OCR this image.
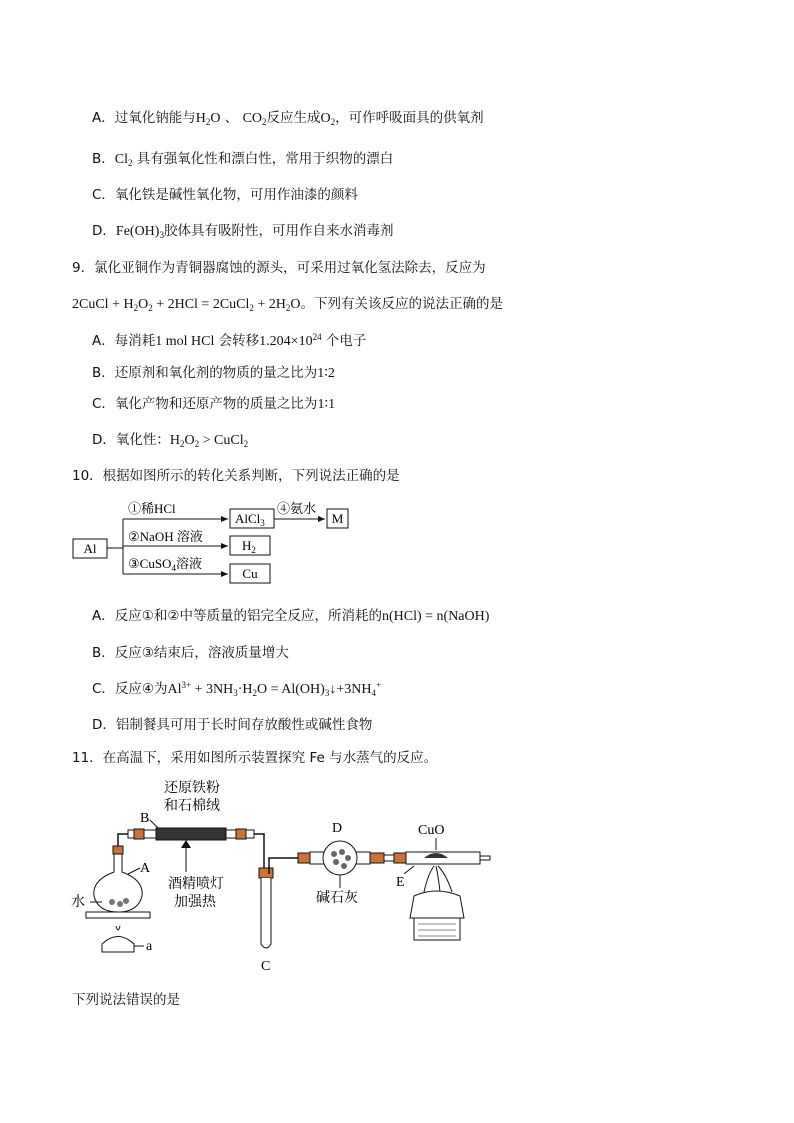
A．过氧化钠能与$H_2O$ 、 $CO_2$反应生成$O_2$，可作呼吸面具的供氧剂
B．$Cl_2$ 具有强氧化性和漂白性，常用于织物的漂白
C．氧化铁是碱性氧化物，可用作油漆的颜料
D．$Fe(OH)_3$胶体具有吸附性，可用作自来水消毒剂
9．氯化亚铜作为青铜器腐蚀的源头，可采用过氧化氢法除去，反应为
2CuCl + $H_2O_2 + 2HCl$ = 2CuCl$_2$ + $2H_2O$。下列有关该反应的说法正确的是
A．每消耗1 mol HCl 会转移$1.204\times 10^{24}$ 个电子
B．还原剂和氧化剂的物质的量之比为1∶2
C．氧化产物和还原产物的质量之比为1∶1
D．氧化性：$H_2O_2$ > CuCl$_2$
10．根据如图所示的转化关系判断，下列说法正确的是
Al
①稀HCl
AlCl$_3$
④氨水
M
②NaOH 溶液
$H_2$
③CuSO$_4$溶液
Cu
A．反应①和②中等质量的铝完全反应，所消耗的n(HCl) = n(NaOH)
B．反应③结束后，溶液质量增大
C．反应④为$Al^{3+} + 3NH_3\cdot H_2O$ = $Al(OH)_3↓+3NH_4^+$
D．铝制餐具可用于长时间存放酸性或碱性食物
11．在高温下，采用如图所示装置探究 Fe 与水蒸气的反应。
还原铁粉
和石棉绒
B
酒精喷灯
加强热
A
水
a
C
D
碱石灰
CuO
E
下列说法错误的是
